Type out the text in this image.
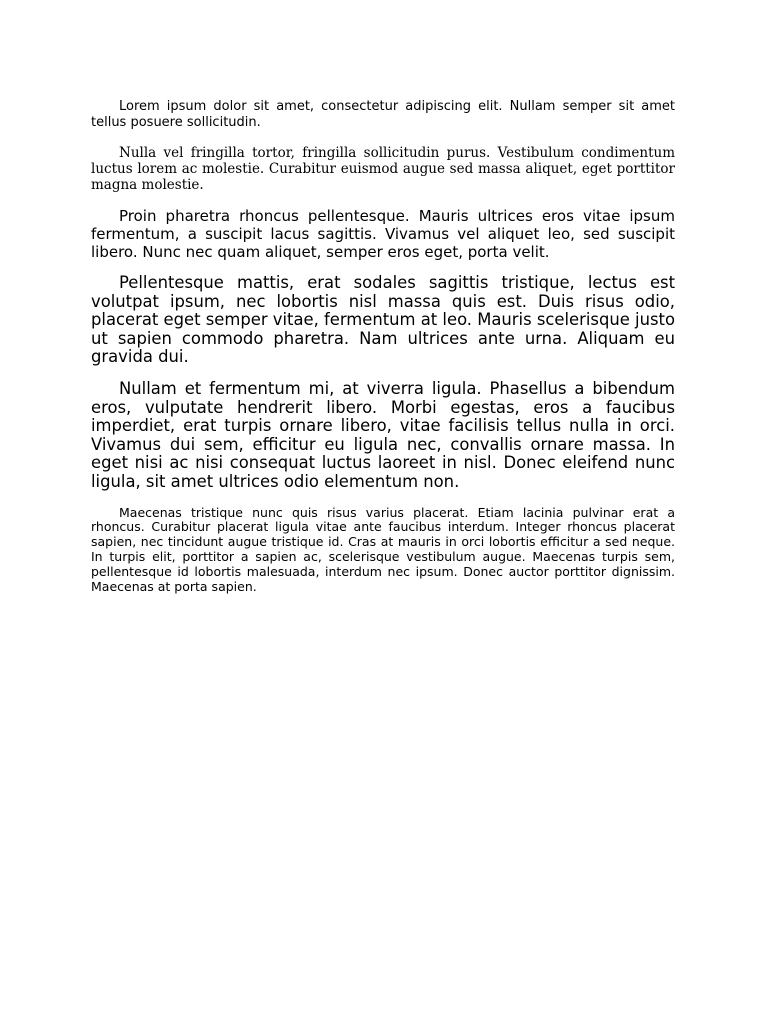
Lorem ipsum dolor sit amet, consectetur adipiscing elit. Nullam semper sit amet tellus posuere sollicitudin.

Nulla vel fringilla tortor, fringilla sollicitudin purus. Vestibulum condimentum luctus lorem ac molestie. Curabitur euismod augue sed massa aliquet, eget porttitor magna molestie.

Proin pharetra rhoncus pellentesque. Mauris ultrices eros vitae ipsum fermentum, a suscipit lacus sagittis. Vivamus vel aliquet leo, sed suscipit libero. Nunc nec quam aliquet, semper eros eget, porta velit.

Pellentesque mattis, erat sodales sagittis tristique, lectus est volutpat ipsum, nec lobortis nisl massa quis est. Duis risus odio, placerat eget semper vitae, fermentum at leo. Mauris scelerisque justo ut sapien commodo pharetra. Nam ultrices ante urna. Aliquam eu gravida dui.

Nullam et fermentum mi, at viverra ligula. Phasellus a bibendum eros, vulputate hendrerit libero. Morbi egestas, eros a faucibus imperdiet, erat turpis ornare libero, vitae facilisis tellus nulla in orci. Vivamus dui sem, efficitur eu ligula nec, convallis ornare massa. In eget nisi ac nisi consequat luctus laoreet in nisl. Donec eleifend nunc ligula, sit amet ultrices odio elementum non.

Maecenas tristique nunc quis risus varius placerat. Etiam lacinia pulvinar erat a rhoncus. Curabitur placerat ligula vitae ante faucibus interdum. Integer rhoncus placerat sapien, nec tincidunt augue tristique id. Cras at mauris in orci lobortis efficitur a sed neque. In turpis elit, porttitor a sapien ac, scelerisque vestibulum augue. Maecenas turpis sem, pellentesque id lobortis malesuada, interdum nec ipsum. Donec auctor porttitor dignissim. Maecenas at porta sapien.
